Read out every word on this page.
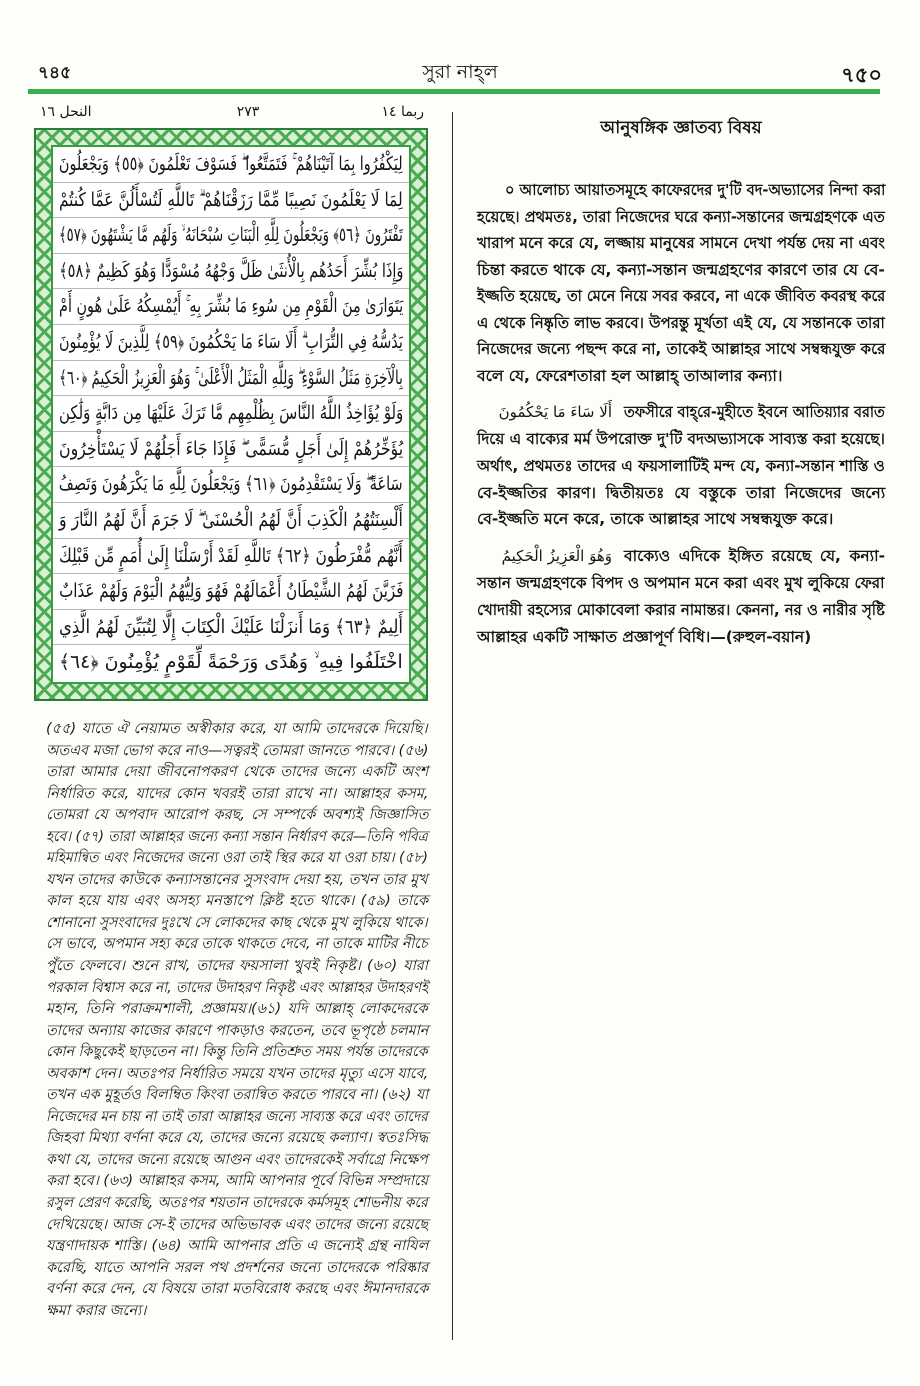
৭৪৫	সুরা নাহ্‌ল	৭৫০
النحل ١٦	٢٧٣	ربما ١٤
لِيَكْفُرُوا بِمَا آتَيْنَاهُمْ ۚ فَتَمَتَّعُوا ۖ فَسَوْفَ تَعْلَمُونَ ﴿٥٥﴾ وَيَجْعَلُونَ
لِمَا لَا يَعْلَمُونَ نَصِيبًا مِّمَّا رَزَقْنَاهُمْ ۗ تَاللَّهِ لَتُسْأَلُنَّ عَمَّا كُنتُمْ
تَفْتَرُونَ ﴿٥٦﴾ وَيَجْعَلُونَ لِلَّهِ الْبَنَاتِ سُبْحَانَهُ ۙ وَلَهُم مَّا يَشْتَهُونَ ﴿٥٧﴾
وَإِذَا بُشِّرَ أَحَدُهُم بِالْأُنثَىٰ ظَلَّ وَجْهُهُ مُسْوَدًّا وَهُوَ كَظِيمٌ ﴿٥٨﴾
يَتَوَارَىٰ مِنَ الْقَوْمِ مِن سُوءِ مَا بُشِّرَ بِهِ ۚ أَيُمْسِكُهُ عَلَىٰ هُونٍ أَمْ
يَدُسُّهُ فِي التُّرَابِ ۗ أَلَا سَاءَ مَا يَحْكُمُونَ ﴿٥٩﴾ لِلَّذِينَ لَا يُؤْمِنُونَ
بِالْآخِرَةِ مَثَلُ السَّوْءِ ۖ وَلِلَّهِ الْمَثَلُ الْأَعْلَىٰ ۚ وَهُوَ الْعَزِيزُ الْحَكِيمُ ﴿٦٠﴾
وَلَوْ يُؤَاخِذُ اللَّهُ النَّاسَ بِظُلْمِهِم مَّا تَرَكَ عَلَيْهَا مِن دَابَّةٍ وَلَٰكِن
يُؤَخِّرُهُمْ إِلَىٰ أَجَلٍ مُّسَمًّى ۖ فَإِذَا جَاءَ أَجَلُهُمْ لَا يَسْتَأْخِرُونَ
سَاعَةً ۖ وَلَا يَسْتَقْدِمُونَ ﴿٦١﴾ وَيَجْعَلُونَ لِلَّهِ مَا يَكْرَهُونَ وَتَصِفُ
أَلْسِنَتُهُمُ الْكَذِبَ أَنَّ لَهُمُ الْحُسْنَىٰ ۖ لَا جَرَمَ أَنَّ لَهُمُ النَّارَ وَ
أَنَّهُم مُّفْرَطُونَ ﴿٦٢﴾ تَاللَّهِ لَقَدْ أَرْسَلْنَا إِلَىٰ أُمَمٍ مِّن قَبْلِكَ
فَزَيَّنَ لَهُمُ الشَّيْطَانُ أَعْمَالَهُمْ فَهُوَ وَلِيُّهُمُ الْيَوْمَ وَلَهُمْ عَذَابٌ
أَلِيمٌ ﴿٦٣﴾ وَمَا أَنزَلْنَا عَلَيْكَ الْكِتَابَ إِلَّا لِتُبَيِّنَ لَهُمُ الَّذِي
اخْتَلَفُوا فِيهِ ۙ وَهُدًى وَرَحْمَةً لِّقَوْمٍ يُؤْمِنُونَ ﴿٦٤﴾
(৫৫) যাতে ঐ নেয়ামত অস্বীকার করে, যা আমি তাদেরকে দিয়েছি।
অতএব মজা ভোগ করে নাও—সত্বরই তোমরা জানতে পারবে। (৫৬)
তারা আমার দেয়া জীবনোপকরণ থেকে তাদের জন্যে একটি অংশ
নির্ধারিত করে, যাদের কোন খবরই তারা রাখে না। আল্লাহর কসম,
তোমরা যে অপবাদ আরোপ করছ, সে সম্পর্কে অবশ্যই জিজ্ঞাসিত
হবে। (৫৭) তারা আল্লাহর জন্যে কন্যা সন্তান নির্ধারণ করে—তিনি পবিত্র
মহিমান্বিত এবং নিজেদের জন্যে ওরা তাই স্থির করে যা ওরা চায়। (৫৮)
যখন তাদের কাউকে কন্যাসন্তানের সুসংবাদ দেয়া হয়, তখন তার মুখ
কাল হয়ে যায় এবং অসহ্য মনস্তাপে ক্লিষ্ট হতে থাকে। (৫৯) তাকে
শোনানো সুসংবাদের দুঃখে সে লোকদের কাছ থেকে মুখ লুকিয়ে থাকে।
সে ভাবে, অপমান সহ্য করে তাকে থাকতে দেবে, না তাকে মাটির নীচে
পুঁতে ফেলবে। শুনে রাখ, তাদের ফয়সালা খুবই নিকৃষ্ট। (৬০) যারা
পরকাল বিশ্বাস করে না, তাদের উদাহরণ নিকৃষ্ট এবং আল্লাহর উদাহরণই
মহান, তিনি পরাক্রমশালী, প্রজ্ঞাময়।(৬১) যদি আল্লাহ্ লোকদেরকে
তাদের অন্যায় কাজের কারণে পাকড়াও করতেন, তবে ভূপৃষ্ঠে চলমান
কোন কিছুকেই ছাড়তেন না। কিন্তু তিনি প্রতিশ্রুত সময় পর্যন্ত তাদেরকে
অবকাশ দেন। অতঃপর নির্ধারিত সময়ে যখন তাদের মৃত্যু এসে যাবে,
তখন এক মুহূর্তও বিলম্বিত কিংবা তরান্বিত করতে পারবে না। (৬২) যা
নিজেদের মন চায় না তাই তারা আল্লাহর জন্যে সাব্যস্ত করে এবং তাদের
জিহবা মিথ্যা বর্ণনা করে যে, তাদের জন্যে রয়েছে কল্যাণ। স্বতঃসিদ্ধ
কথা যে, তাদের জন্যে রয়েছে আগুন এবং তাদেরকেই সর্বাগ্রে নিক্ষেপ
করা হবে। (৬৩) আল্লাহর কসম, আমি আপনার পূর্বে বিভিন্ন সম্প্রদায়ে
রসুল প্রেরণ করেছি, অতঃপর শয়তান তাদেরকে কর্মসমূহ শোভনীয় করে
দেখিয়েছে। আজ সে-ই তাদের অভিভাবক এবং তাদের জন্যে রয়েছে
যন্ত্রণাদায়ক শাস্তি। (৬৪) আমি আপনার প্রতি এ জন্যেই গ্রন্থ নাযিল
করেছি, যাতে আপনি সরল পথ প্রদর্শনের জন্যে তাদেরকে পরিষ্কার
বর্ণনা করে দেন, যে বিষয়ে তারা মতবিরোধ করছে এবং ঈমানদারকে
ক্ষমা করার জন্যে।
আনুষঙ্গিক জ্ঞাতব্য বিষয়
০ আলোচ্য আয়াতসমূহে কাফেরদের দু'টি বদ-অভ্যাসের নিন্দা করা
হয়েছে। প্রথমতঃ, তারা নিজেদের ঘরে কন্যা-সন্তানের জন্মগ্রহণকে এত
খারাপ মনে করে যে, লজ্জায় মানুষের সামনে দেখা পর্যন্ত দেয় না এবং
চিন্তা করতে থাকে যে, কন্যা-সন্তান জন্মগ্রহণের কারণে তার যে বে-
ইজ্জতি হয়েছে, তা মেনে নিয়ে সবর করবে, না একে জীবিত কবরস্থ করে
এ থেকে নিষ্কৃতি লাভ করবে। উপরন্তু মূর্খতা এই যে, যে সন্তানকে তারা
নিজেদের জন্যে পছন্দ করে না, তাকেই আল্লাহর সাথে সম্বন্ধযুক্ত করে
বলে যে, ফেরেশতারা হল আল্লাহ্ তাআলার কন্যা।
أَلَا سَاءَ مَا يَحْكُمُونَ তফসীরে বাহ্‌রে-মুহীতে ইবনে আতিয়্যার বরাত
দিয়ে এ বাক্যের মর্ম উপরোক্ত দু'টি বদঅভ্যাসকে সাব্যস্ত করা হয়েছে।
অর্থাৎ, প্রথমতঃ তাদের এ ফয়সালাটিই মন্দ যে, কন্যা-সন্তান শাস্তি ও
বে-ইজ্জতির কারণ। দ্বিতীয়তঃ যে বস্তুকে তারা নিজেদের জন্যে
বে-ইজ্জতি মনে করে, তাকে আল্লাহর সাথে সম্বন্ধযুক্ত করে।
وَهُوَ الْعَزِيزُ الْحَكِيمُ বাক্যেও এদিকে ইঙ্গিত রয়েছে যে, কন্যা-
সন্তান জন্মগ্রহণকে বিপদ ও অপমান মনে করা এবং মুখ লুকিয়ে ফেরা
খোদায়ী রহস্যের মোকাবেলা করার নামান্তর। কেননা, নর ও নারীর সৃষ্টি
আল্লাহর একটি সাক্ষাত প্রজ্ঞাপূর্ণ বিধি।—(রুহুল-বয়ান)
